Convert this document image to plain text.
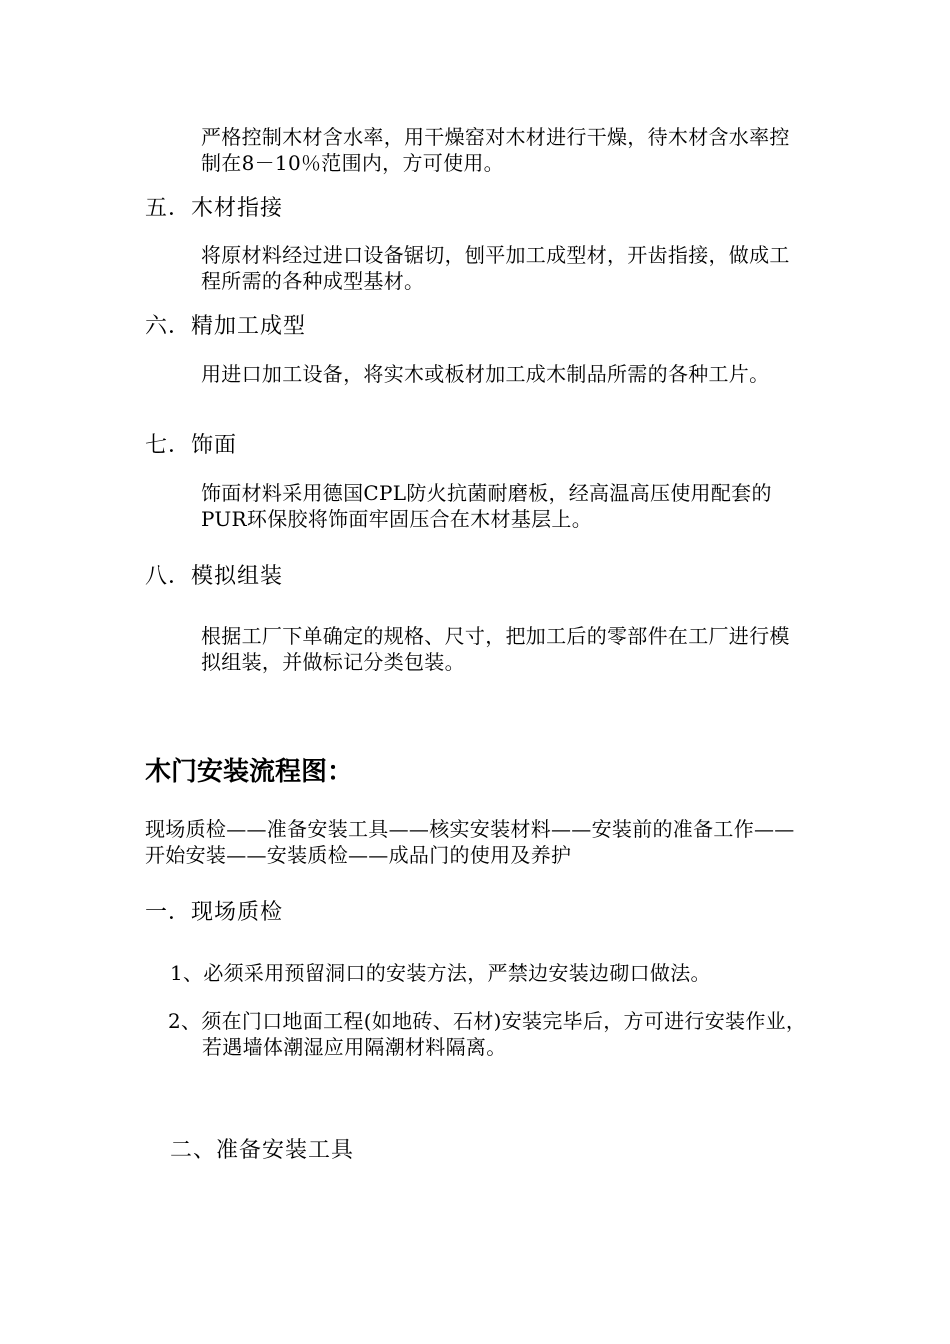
严格控制木材含水率，用干燥窑对木材进行干燥，待木材含水率控制在8－10％范围内，方可使用。

五．木材指接

将原材料经过进口设备锯切，刨平加工成型材，开齿指接，做成工程所需的各种成型基材。

六．精加工成型

用进口加工设备，将实木或板材加工成木制品所需的各种工片。

七．饰面

饰面材料采用德国CPL防火抗菌耐磨板，经高温高压使用配套的PUR环保胶将饰面牢固压合在木材基层上。

八．模拟组装

根据工厂下单确定的规格、尺寸，把加工后的零部件在工厂进行模拟组装，并做标记分类包装。

木门安装流程图：

现场质检——准备安装工具——核实安装材料——安装前的准备工作——开始安装——安装质检——成品门的使用及养护

一．现场质检

1、必须采用预留洞口的安装方法，严禁边安装边砌口做法。

2、须在门口地面工程(如地砖、石材)安装完毕后，方可进行安装作业，若遇墙体潮湿应用隔潮材料隔离。

二、准备安装工具
